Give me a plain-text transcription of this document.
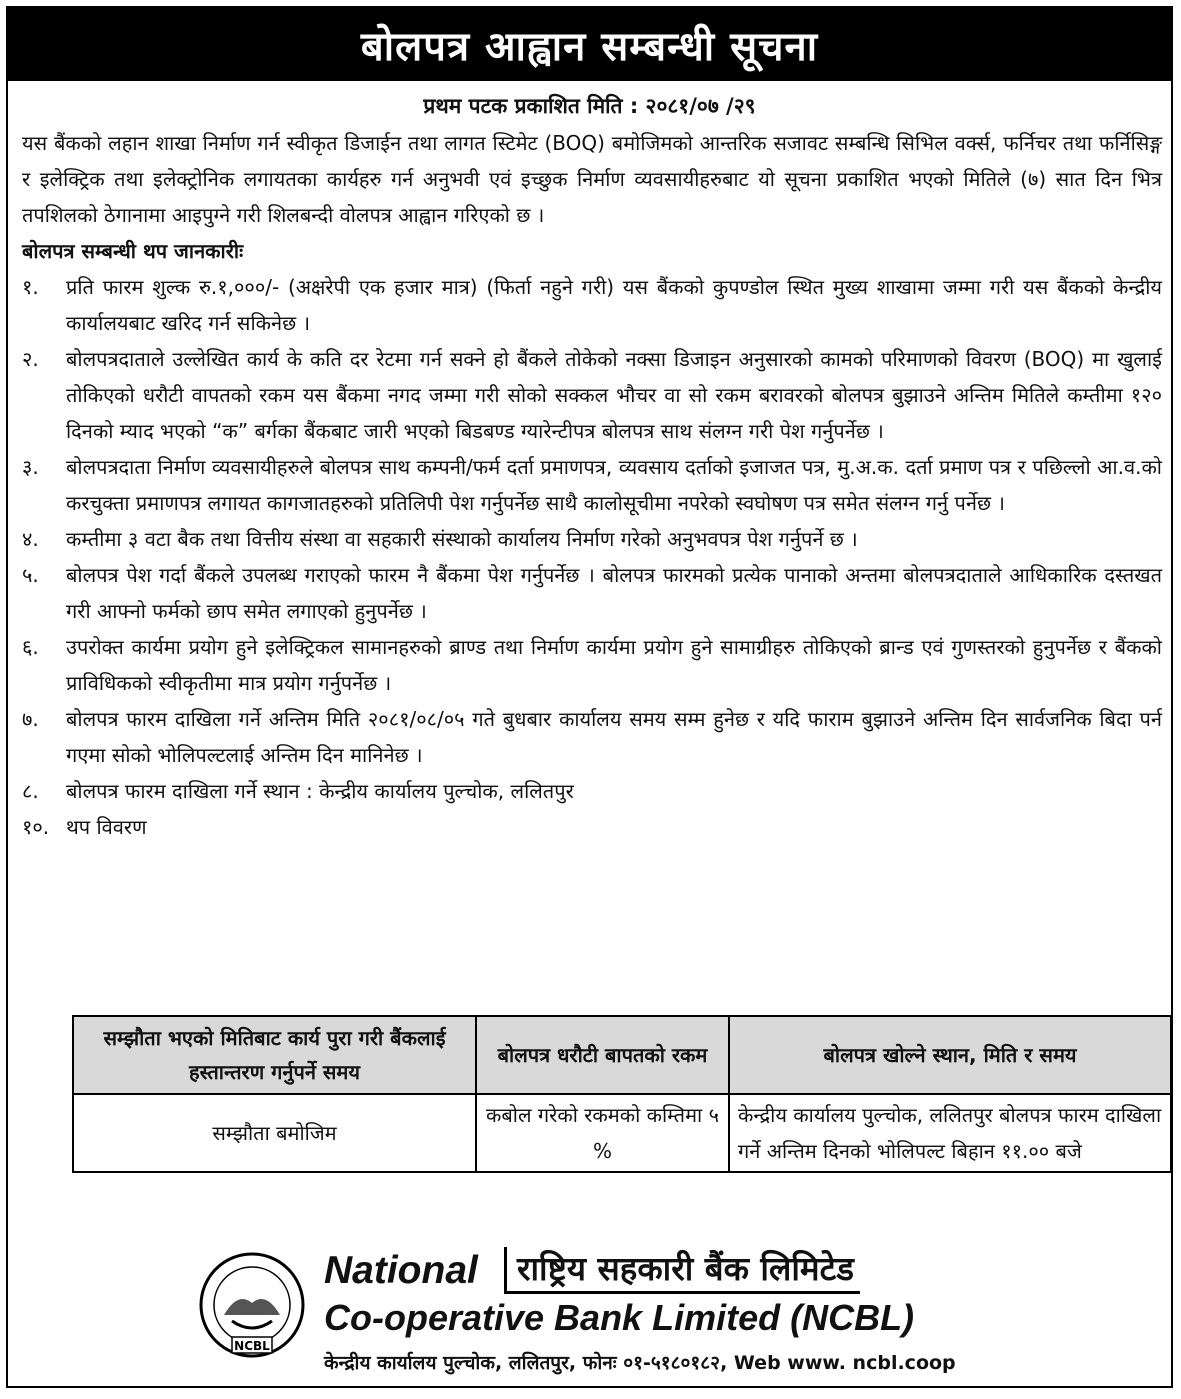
बोलपत्र आह्वान सम्बन्धी सूचना
प्रथम पटक प्रकाशित मिति : २०८१/०७ /२९

यस बैंकको लहान शाखा निर्माण गर्न स्वीकृत डिजाईन तथा लागत स्टिमेट (BOQ) बमोजिमको आन्तरिक सजावट सम्बन्धि सिभिल वर्क्स, फर्निचर तथा फर्निसिङ्ग र इलेक्ट्रिक तथा इलेक्ट्रोनिक लगायतका कार्यहरु गर्न अनुभवी एवं इच्छुक निर्माण व्यवसायीहरुबाट यो सूचना प्रकाशित भएको मितिले (७) सात दिन भित्र तपशिलको ठेगानामा आइपुग्ने गरी शिलबन्दी वोलपत्र आह्वान गरिएको छ ।

बोलपत्र सम्बन्धी थप जानकारीः

१.	प्रति फारम शुल्क रु.१,०००/- (अक्षरेपी एक हजार मात्र) (फिर्ता नहुने गरी) यस बैंकको कुपण्डोल स्थित मुख्य शाखामा जम्मा गरी यस बैंकको केन्द्रीय कार्यालयबाट खरिद गर्न सकिनेछ ।
२.	बोलपत्रदाताले उल्लेखित कार्य के कति दर रेटमा गर्न सक्ने हो बैंकले तोकेको नक्सा डिजाइन अनुसारको कामको परिमाणको विवरण (BOQ) मा खुलाई तोकिएको धरौटी वापतको रकम यस बैंकमा नगद जम्मा गरी सोको सक्कल भौचर वा सो रकम बरावरको बोलपत्र बुझाउने अन्तिम मितिले कम्तीमा १२० दिनको म्याद भएको “क” बर्गका बैंकबाट जारी भएको बिडबण्ड ग्यारेन्टीपत्र बोलपत्र साथ संलग्न गरी पेश गर्नुपर्नेछ ।
३.	बोलपत्रदाता निर्माण व्यवसायीहरुले बोलपत्र साथ कम्पनी/फर्म दर्ता प्रमाणपत्र, व्यवसाय दर्ताको इजाजत पत्र, मु.अ.क. दर्ता प्रमाण पत्र र पछिल्लो आ.व.को करचुक्ता प्रमाणपत्र लगायत कागजातहरुको प्रतिलिपी पेश गर्नुपर्नेछ साथै कालोसूचीमा नपरेको स्वघोषण पत्र समेत संलग्न गर्नु पर्नेछ ।
४.	कम्तीमा ३ वटा बैक तथा वित्तीय संस्था वा सहकारी संस्थाको कार्यालय निर्माण गरेको अनुभवपत्र पेश गर्नुपर्ने छ ।
५.	बोलपत्र पेश गर्दा बैंकले उपलब्ध गराएको फारम नै बैंकमा पेश गर्नुपर्नेछ । बोलपत्र फारमको प्रत्येक पानाको अन्तमा बोलपत्रदाताले आधिकारिक दस्तखत गरी आफ्नो फर्मको छाप समेत लगाएको हुनुपर्नेछ ।
६.	उपरोक्त कार्यमा प्रयोग हुने इलेक्ट्रिकल सामानहरुको ब्राण्ड तथा निर्माण कार्यमा प्रयोग हुने सामाग्रीहरु तोकिएको ब्रान्ड एवं गुणस्तरको हुनुपर्नेछ र बैंकको प्राविधिकको स्वीकृतीमा मात्र प्रयोग गर्नुपर्नेछ ।
७.	बोलपत्र फारम दाखिला गर्ने अन्तिम मिति २०८१/०८/०५ गते बुधबार कार्यालय समय सम्म हुनेछ र यदि फाराम बुझाउने अन्तिम दिन सार्वजनिक बिदा पर्न गएमा सोको भोलिपल्टलाई अन्तिम दिन मानिनेछ ।
८.	बोलपत्र फारम दाखिला गर्ने स्थान : केन्द्रीय कार्यालय पुल्चोक, ललितपुर
१०. थप विवरण
सम्झौता भएको मितिबाट कार्य पुरा गरी बैंकलाई हस्तान्तरण गर्नुपर्ने समय	बोलपत्र धरौटी बापतको रकम	बोलपत्र खोल्ने स्थान, मिति र समय
सम्झौता बमोजिम	कबोल गरेको रकमको कम्तिमा ५ %	केन्द्रीय कार्यालय पुल्चोक, ललितपुर बोलपत्र फारम दाखिला गर्ने अन्तिम दिनको भोलिपल्ट बिहान ११.०० बजे
NCBL
National	राष्ट्रिय सहकारी बैंक लिमिटेड
Co-operative Bank Limited (NCBL)
केन्द्रीय कार्यालय पुल्चोक, ललितपुर, फोनः ०१-५१८०१८२, Web www. ncbl.coop
